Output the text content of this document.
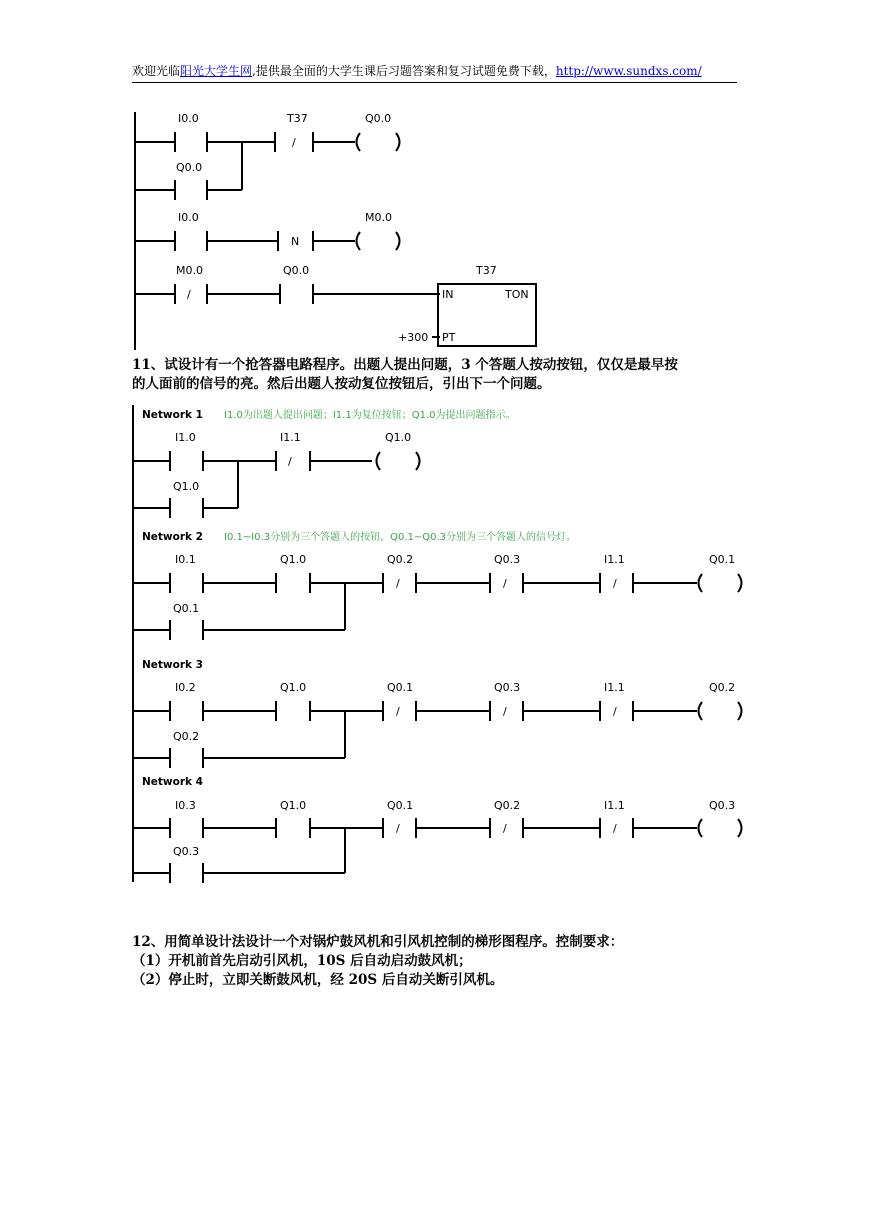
欢迎光临阳光大学生网,提供最全面的大学生课后习题答案和复习试题免费下载，http://www.sundxs.com/
I0.0	T37
/
Q0.0
Q0.0
I0.0
N
M0.0
M0.0
/
Q0.0	T37
IN	TON
PT
+300
11、试设计有一个抢答器电路程序。出题人提出问题，3 个答题人按动按钮，仅仅是最早按
的人面前的信号的亮。然后出题人按动复位按钮后，引出下一个问题。
Network 1 I1.0为出题人提出问题；I1.1为复位按钮；Q1.0为提出问题指示。
I1.0	I1.1
/
Q1.0
Q1.0
Network 2 I0.1~I0.3分别为三个答题人的按钮，Q0.1~Q0.3分别为三个答题人的信号灯。
I0.1	Q1.0	Q0.2	Q0.3	I1.1	Q0.1
Q0.1
/	/	/
Network 3
I0.2	Q1.0	Q0.1	Q0.3	I1.1	Q0.2
Q0.2
/	/	/
Network 4
I0.3	Q1.0	Q0.1	Q0.2	I1.1	Q0.3
Q0.3
/	/	/
12、用简单设计法设计一个对锅炉鼓风机和引风机控制的梯形图程序。控制要求：
（1）开机前首先启动引风机，10S 后自动启动鼓风机；
（2）停止时，立即关断鼓风机，经 20S 后自动关断引风机。
